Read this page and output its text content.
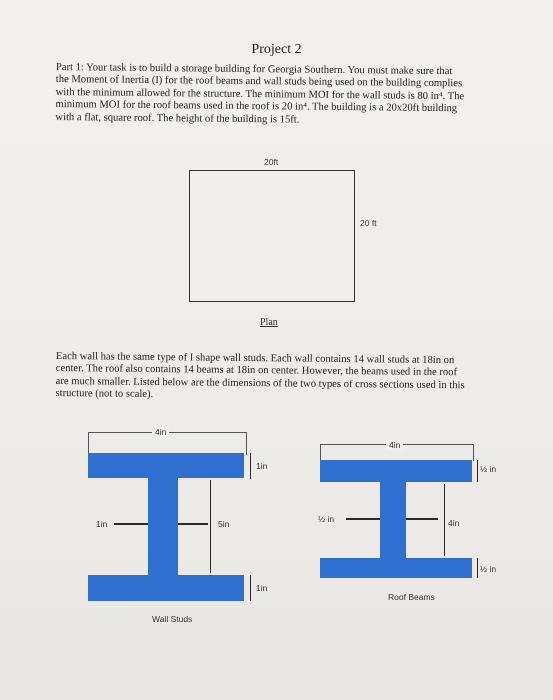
Project 2
Part 1: Your task is to build a storage building for Georgia Southern. You must make sure that
the Moment of Inertia (I) for the roof beams and wall studs being used on the building complies
with the minimum allowed for the structure. The minimum MOI for the wall studs is 80 in⁴. The
minimum MOI for the roof beams used in the roof is 20 in⁴. The building is a 20x20ft building
with a flat, square roof. The height of the building is 15ft.
20ft
20 ft
Plan
Each wall has the same type of I shape wall studs. Each wall contains 14 wall studs at 18in on
center. The roof also contains 14 beams at 18in on center. However, the beams used in the roof
are much smaller. Listed below are the dimensions of the two types of cross sections used in this
structure (not to scale).
4in
1in
1in	5in
1in
Wall Studs
4in
½ in
½ in	4in
½ in
Roof Beams
